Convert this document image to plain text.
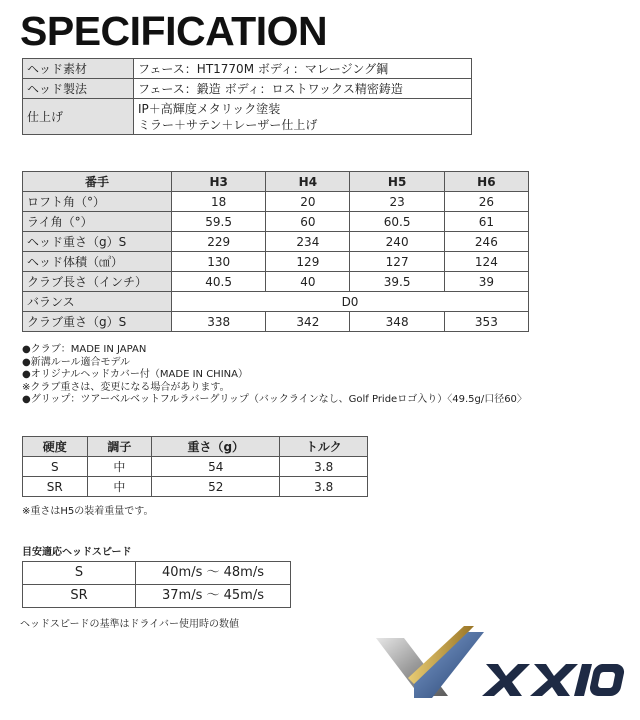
SPECIFICATION
ヘッド素材	フェース：HT1770M ボディ：マレージング鋼
ヘッド製法	フェース：鍛造 ボディ：ロストワックス精密鋳造
仕上げ	IP＋高輝度メタリック塗装
ミラー＋サテン＋レーザー仕上げ
番手	H3	H4	H5	H6
ロフト角（°）	18	20	23	26
ライ角（°）	59.5	60	60.5	61
ヘッド重さ（g）S	229	234	240	246
ヘッド体積（㎤）	130	129	127	124
クラブ長さ（インチ）	40.5	40	39.5	39
バランス	D0			
クラブ重さ（g）S	338	342	348	353
●クラブ：MADE IN JAPAN
●新溝ルール適合モデル
●オリジナルヘッドカバー付（MADE IN CHINA）
※クラブ重さは、変更になる場合があります。
●グリップ：ツアーベルベットフルラバーグリップ（バックラインなし、Golf Prideロゴ入り）〈49.5g/口径60〉
硬度	調子	重さ（g）	トルク
S	中	54	3.8
SR	中	52	3.8
※重さはH5の装着重量です。
目安適応ヘッドスピード
S	40m/s 〜 48m/s
SR	37m/s 〜 45m/s
ヘッドスピードの基準はドライバー使用時の数値
